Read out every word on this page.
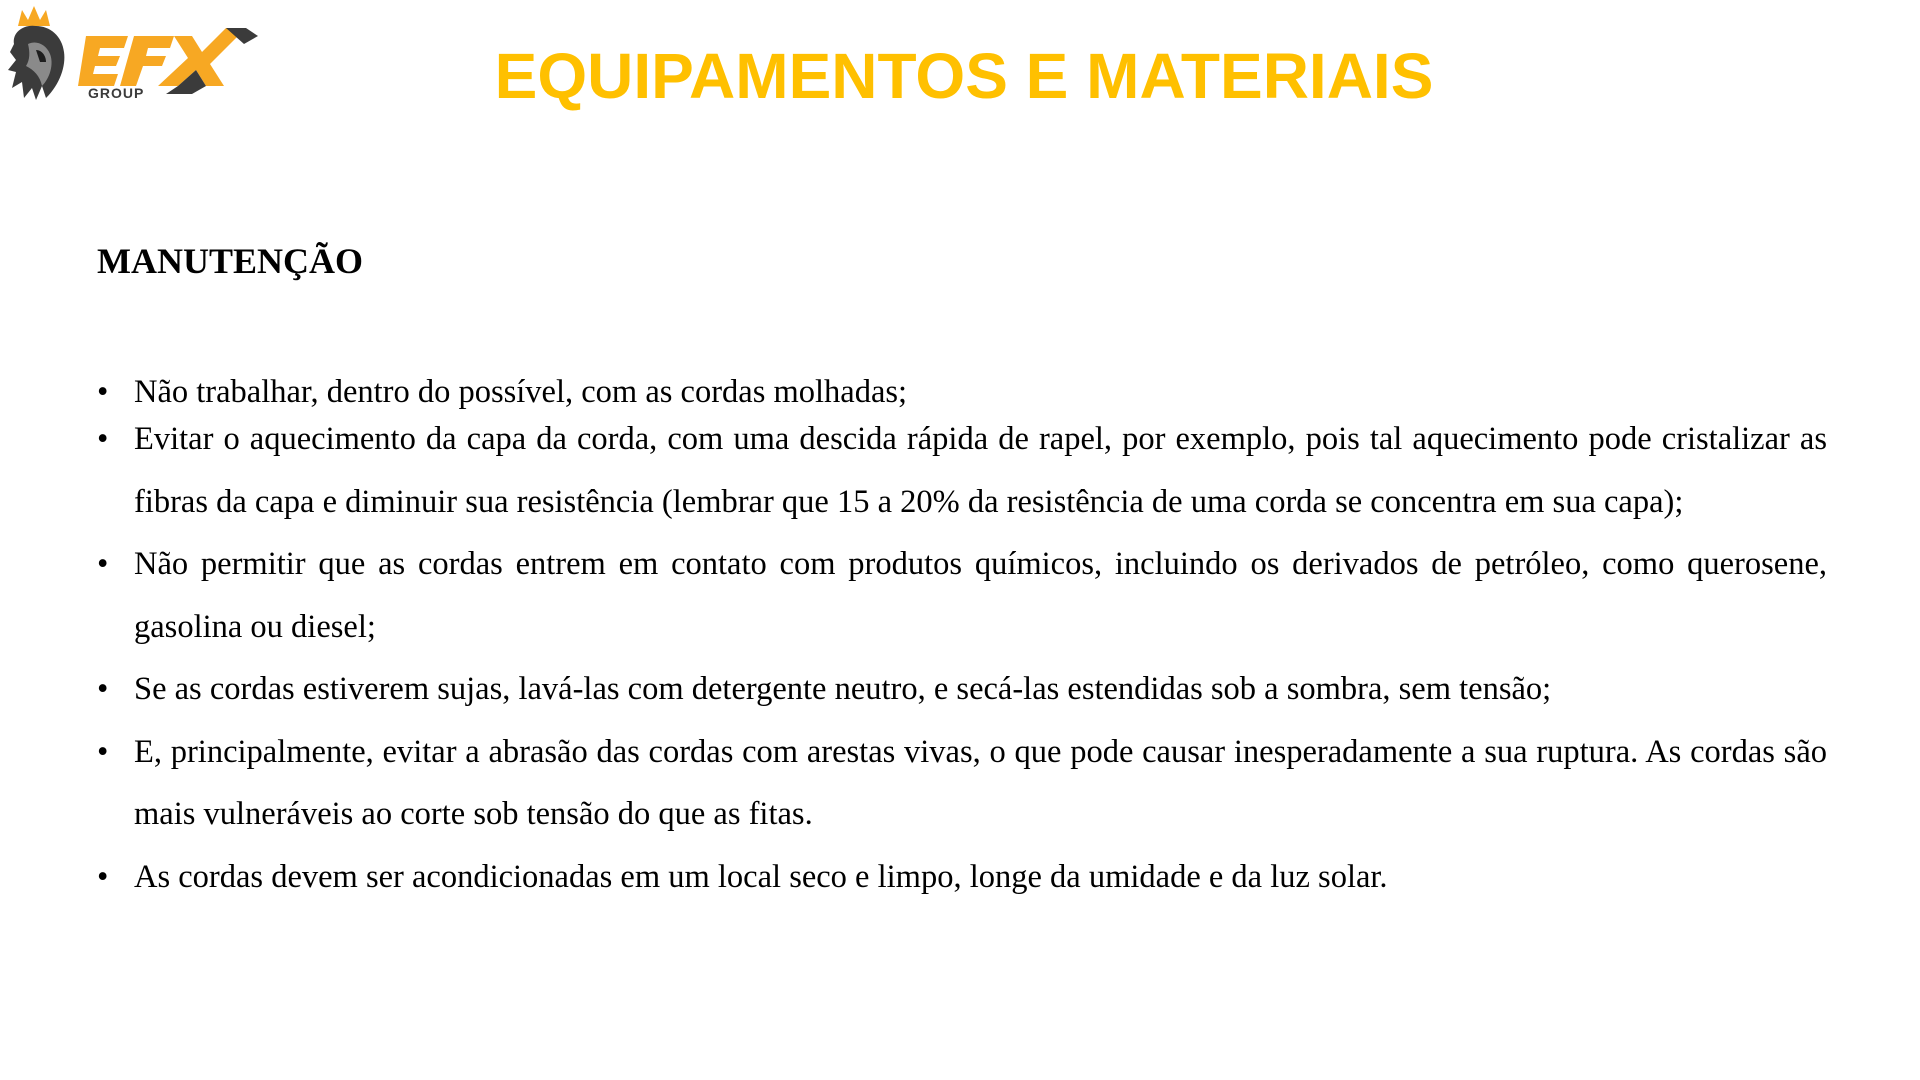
GROUP	EQUIPAMENTOS E MATERIAIS
MANUTENÇÃO
• Não trabalhar, dentro do possível, com as cordas molhadas;
• Evitar o aquecimento da capa da corda, com uma descida rápida de rapel, por exemplo, pois tal aquecimento pode cristalizar as fibras da capa e diminuir sua resistência (lembrar que 15 a 20% da resistência de uma corda se concentra em sua capa);
• Não permitir que as cordas entrem em contato com produtos químicos, incluindo os derivados de petróleo, como querosene, gasolina ou diesel;
• Se as cordas estiverem sujas, lavá-las com detergente neutro, e secá-las estendidas sob a sombra, sem tensão;
• E, principalmente, evitar a abrasão das cordas com arestas vivas, o que pode causar inesperadamente a sua ruptura. As cordas são mais vulneráveis ao corte sob tensão do que as fitas.
• As cordas devem ser acondicionadas em um local seco e limpo, longe da umidade e da luz solar.
